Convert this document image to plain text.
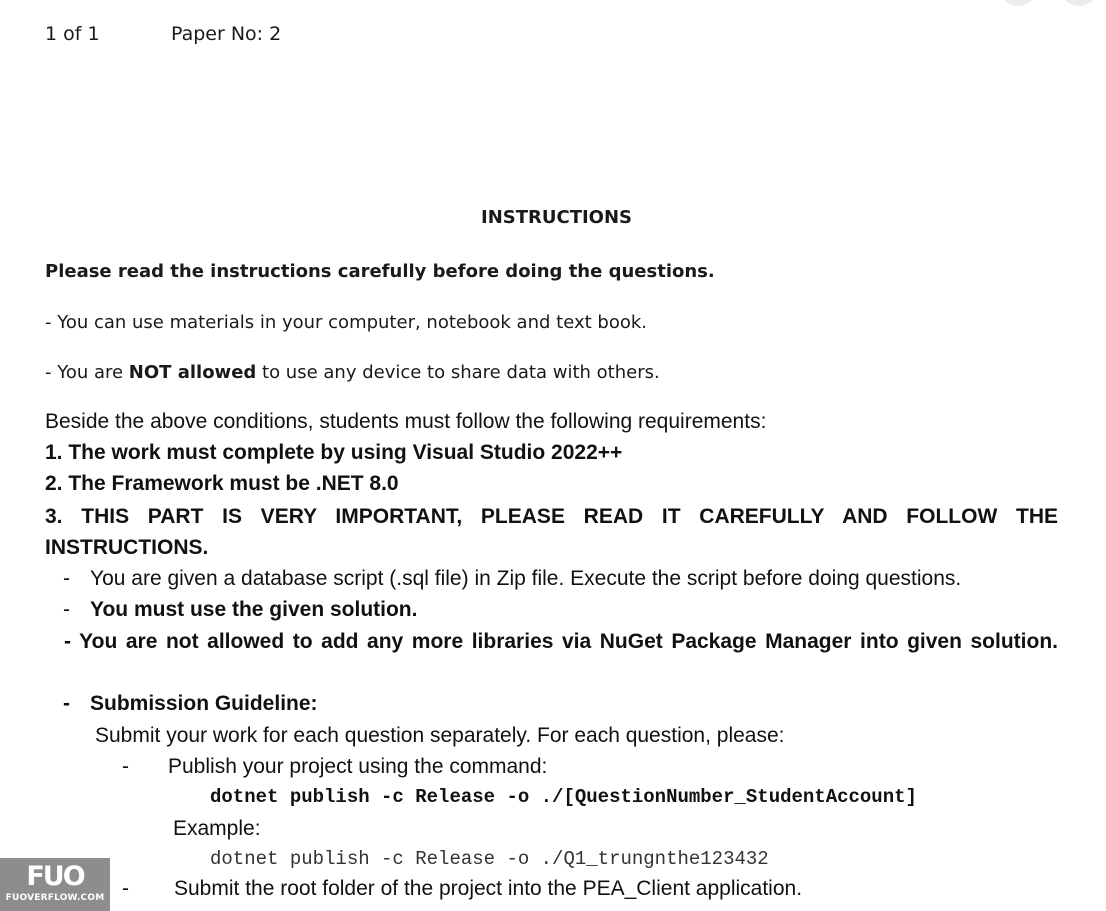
1 of 1	Paper No: 2
INSTRUCTIONS
Please read the instructions carefully before doing the questions.
- You can use materials in your computer, notebook and text book.
- You are NOT allowed to use any device to share data with others.
Beside the above conditions, students must follow the following requirements:
1. The work must complete by using Visual Studio 2022++
2. The Framework must be .NET 8.0
3. THIS PART IS VERY IMPORTANT, PLEASE READ IT CAREFULLY AND FOLLOW THE INSTRUCTIONS.
- You are given a database script (.sql file) in Zip file. Execute the script before doing questions.
- You must use the given solution.
- You are not allowed to add any more libraries via NuGet Package Manager into given solution.
- Submission Guideline:
Submit your work for each question separately. For each question, please:
- Publish your project using the command:
dotnet publish -c Release -o ./[QuestionNumber_StudentAccount]
Example:
dotnet publish -c Release -o ./Q1_trungnthe123432
- Submit the root folder of the project into the PEA_Client application.
FUO
FUOVERFLOW.COM
